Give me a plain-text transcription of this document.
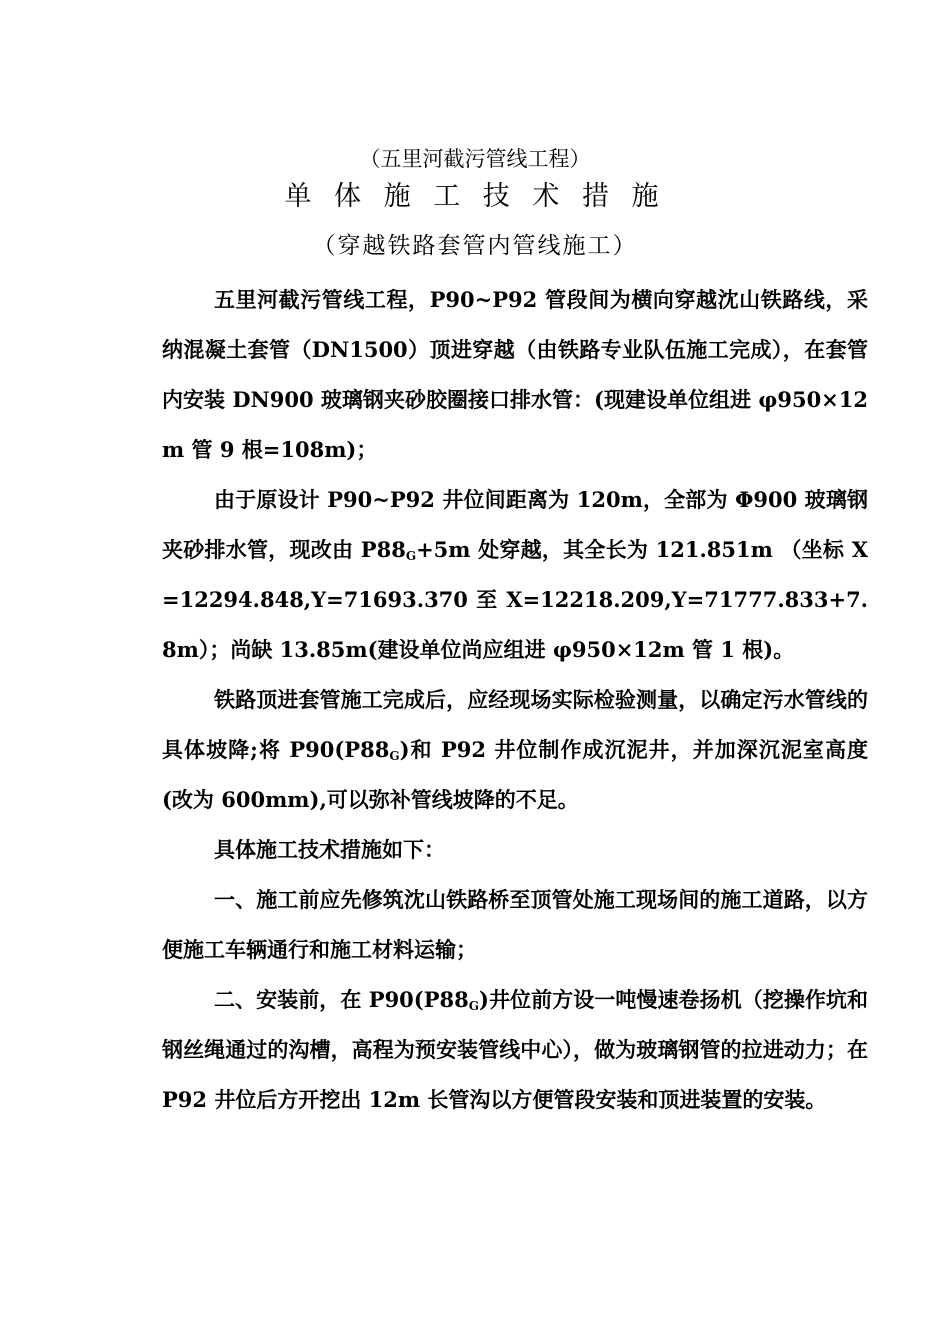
（五里河截污管线工程）
单 体 施 工 技 术 措 施
（穿越铁路套管内管线施工）

五里河截污管线工程，P90~P92 管段间为横向穿越沈山铁路线，采纳混凝土套管（DN1500）顶进穿越（由铁路专业队伍施工完成），在套管内安装 DN900 玻璃钢夹砂胶圈接口排水管：(现建设单位组进 φ950×12m 管 9 根=108m)；

由于原设计 P90~P92 井位间距离为 120m，全部为 Φ900 玻璃钢夹砂排水管，现改由 $P88_G+5m$ 处穿越，其全长为 121.851m （坐标 X=12294.848,Y=71693.370 至 X=12218.209,Y=71777.833+7.8m）；尚缺 13.85m(建设单位尚应组进 φ950×12m 管 1 根)。

铁路顶进套管施工完成后，应经现场实际检验测量，以确定污水管线的具体坡降;将 $P90(P88_G)$和 P92 井位制作成沉泥井，并加深沉泥室高度(改为 600mm),可以弥补管线坡降的不足。

具体施工技术措施如下：

一、施工前应先修筑沈山铁路桥至顶管处施工现场间的施工道路，以方便施工车辆通行和施工材料运输；

二、安装前，在 $P90(P88_G)$井位前方设一吨慢速卷扬机（挖操作坑和钢丝绳通过的沟槽，高程为预安装管线中心），做为玻璃钢管的拉进动力；在 P92 井位后方开挖出 12m 长管沟以方便管段安装和顶进装置的安装。
